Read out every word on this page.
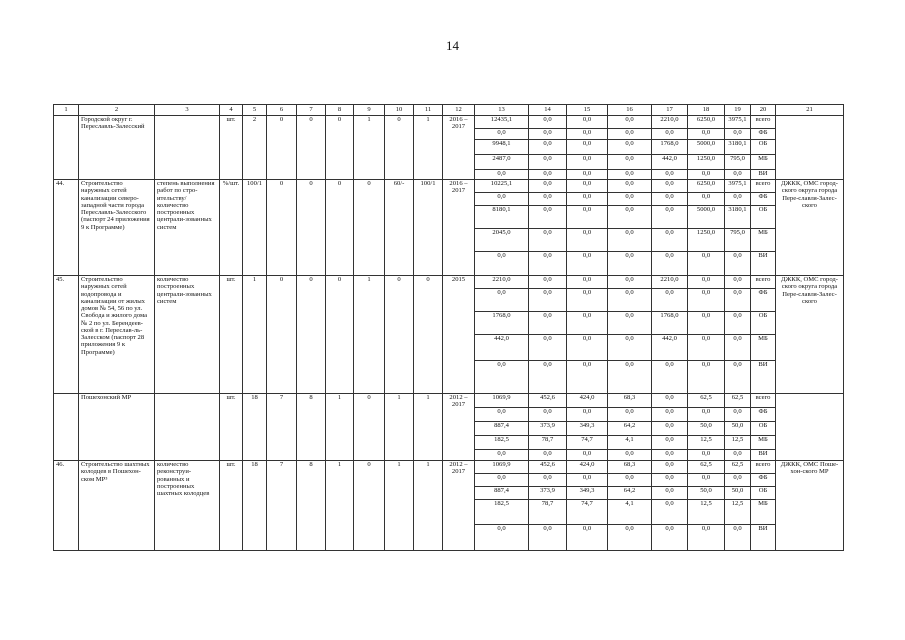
14
1	2	3	4	5	6	7	8	9	10	11	12	13	14	15	16	17	18	19	20	21
	Городской округ г. Переславль-Залесский		шт.	2	0	0	0	1	0	1	2016 – 2017	12435,1	0,0	0,0	0,0	2210,0	6250,0	3975,1	всего	
												0,0	0,0	0,0	0,0	0,0	0,0	0,0	ФБ	
												9948,1	0,0	0,0	0,0	1768,0	5000,0	3180,1	ОБ	
												2487,0	0,0	0,0	0,0	442,0	1250,0	795,0	МБ	
												0,0	0,0	0,0	0,0	0,0	0,0	0,0	ВИ	
44.	Строительство наружных сетей канализации северо-западной части города Переславль-Залесского (паспорт 24 приложения 9 к Программе)	степень выполнения работ по стро-ительству/ количество построенных централи-зованных систем	%/шт.	100/1	0	0	0	0	60/-	100/1	2016 – 2017	10225,1	0,0	0,0	0,0	0,0	6250,0	3975,1	всего	ДЖКК, ОМС город-ского округа города Пере-славля-Залес-ского
												0,0	0,0	0,0	0,0	0,0	0,0	0,0	ФБ	
												8180,1	0,0	0,0	0,0	0,0	5000,0	3180,1	ОБ	
												2045,0	0,0	0,0	0,0	0,0	1250,0	795,0	МБ	
												0,0	0,0	0,0	0,0	0,0	0,0	0,0	ВИ	
45.	Строительство наружных сетей водопровода и канализации от жилых домов № 54, 56 по ул. Свобода и жилого дома № 2 по ул. Берендеев-ской в г. Переслав-ль-Залесском (паспорт 28 приложения 9 к Программе)	количество построенных централи-зованных систем	шт.	1	0	0	0	1	0	0	2015	2210,0	0,0	0,0	0,0	2210,0	0,0	0,0	всего	ДЖКК, ОМС город-ского округа города Пере-славля-Залес-ского
												0,0	0,0	0,0	0,0	0,0	0,0	0,0	ФБ	
												1768,0	0,0	0,0	0,0	1768,0	0,0	0,0	ОБ	
												442,0	0,0	0,0	0,0	442,0	0,0	0,0	МБ	
												0,0	0,0	0,0	0,0	0,0	0,0	0,0	ВИ	
	Пошехонский МР		шт.	18	7	8	1	0	1	1	2012 – 2017	1069,9	452,6	424,0	68,3	0,0	62,5	62,5	всего	
												0,0	0,0	0,0	0,0	0,0	0,0	0,0	ФБ	
												887,4	373,9	349,3	64,2	0,0	50,0	50,0	ОБ	
												182,5	78,7	74,7	4,1	0,0	12,5	12,5	МБ	
												0,0	0,0	0,0	0,0	0,0	0,0	0,0	ВИ	
46.	Строительство шахтных колодцев в Пошехон-ском МР³	количество реконструи-рованных и построенных шахтных колодцев	шт.	18	7	8	1	0	1	1	2012 – 2017	1069,9	452,6	424,0	68,3	0,0	62,5	62,5	всего	ДЖКК, ОМС Поше-хон-ского МР
												0,0	0,0	0,0	0,0	0,0	0,0	0,0	ФБ	
												887,4	373,9	349,3	64,2	0,0	50,0	50,0	ОБ	
												182,5	78,7	74,7	4,1	0,0	12,5	12,5	МБ	
												0,0	0,0	0,0	0,0	0,0	0,0	0,0	ВИ	
